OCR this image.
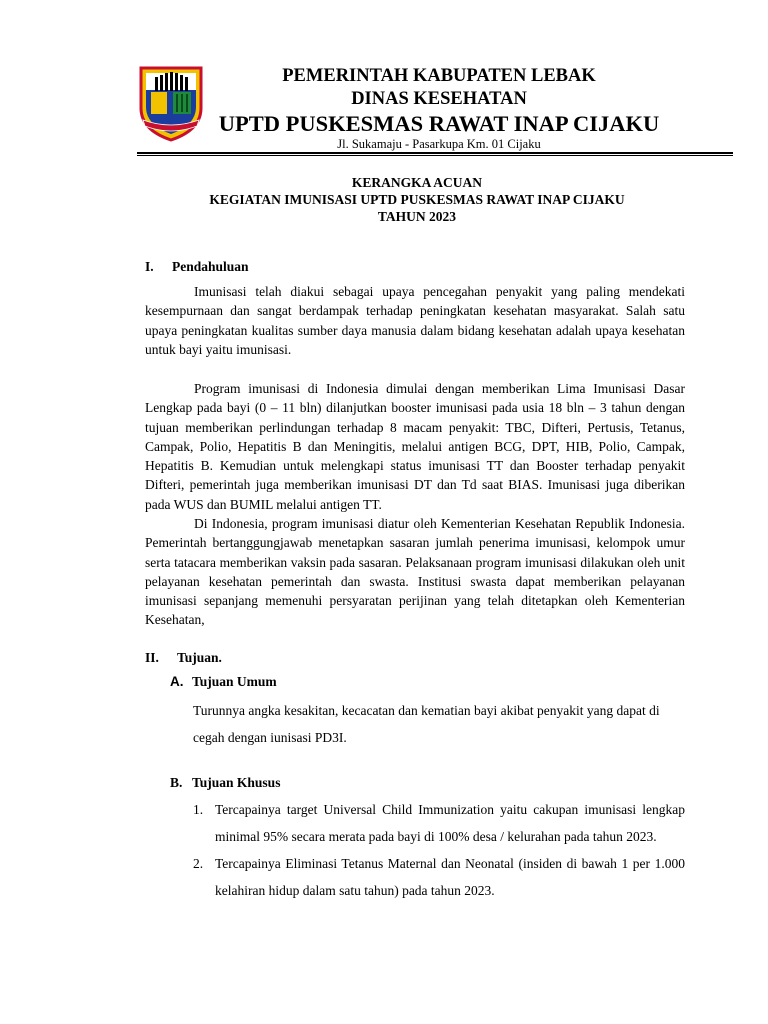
PEMERINTAH KABUPATEN LEBAK
DINAS KESEHATAN
UPTD PUSKESMAS RAWAT INAP CIJAKU
Jl. Sukamaju - Pasarkupa Km. 01 Cijaku
KERANGKA ACUAN
KEGIATAN IMUNISASI UPTD PUSKESMAS RAWAT INAP CIJAKU
TAHUN 2023
I. Pendahuluan

Imunisasi telah diakui sebagai upaya pencegahan penyakit yang paling mendekati kesempurnaan dan sangat berdampak terhadap peningkatan kesehatan masyarakat. Salah satu upaya peningkatan kualitas sumber daya manusia dalam bidang kesehatan adalah upaya kesehatan untuk bayi yaitu imunisasi.

Program imunisasi di Indonesia dimulai dengan memberikan Lima Imunisasi Dasar Lengkap pada bayi (0 – 11 bln) dilanjutkan booster imunisasi pada usia 18 bln – 3 tahun dengan tujuan memberikan perlindungan terhadap 8 macam penyakit: TBC, Difteri, Pertusis, Tetanus, Campak, Polio, Hepatitis B dan Meningitis, melalui antigen BCG, DPT, HIB, Polio, Campak, Hepatitis B. Kemudian untuk melengkapi status imunisasi TT dan Booster terhadap penyakit Difteri, pemerintah juga memberikan imunisasi DT dan Td saat BIAS. Imunisasi juga diberikan pada WUS dan BUMIL melalui antigen TT.

Di Indonesia, program imunisasi diatur oleh Kementerian Kesehatan Republik Indonesia. Pemerintah bertanggungjawab menetapkan sasaran jumlah penerima imunisasi, kelompok umur serta tatacara memberikan vaksin pada sasaran. Pelaksanaan program imunisasi dilakukan oleh unit pelayanan kesehatan pemerintah dan swasta. Institusi swasta dapat memberikan pelayanan imunisasi sepanjang memenuhi persyaratan perijinan yang telah ditetapkan oleh Kementerian Kesehatan,

II. Tujuan.
A. Tujuan Umum

Turunnya angka kesakitan, kecacatan dan kematian bayi akibat penyakit yang dapat di cegah dengan iunisasi PD3I.

B. Tujuan Khusus
1. Tercapainya target Universal Child Immunization yaitu cakupan imunisasi lengkap minimal 95% secara merata pada bayi di 100% desa / kelurahan pada tahun 2023.
2. Tercapainya Eliminasi Tetanus Maternal dan Neonatal (insiden di bawah 1 per 1.000 kelahiran hidup dalam satu tahun) pada tahun 2023.
